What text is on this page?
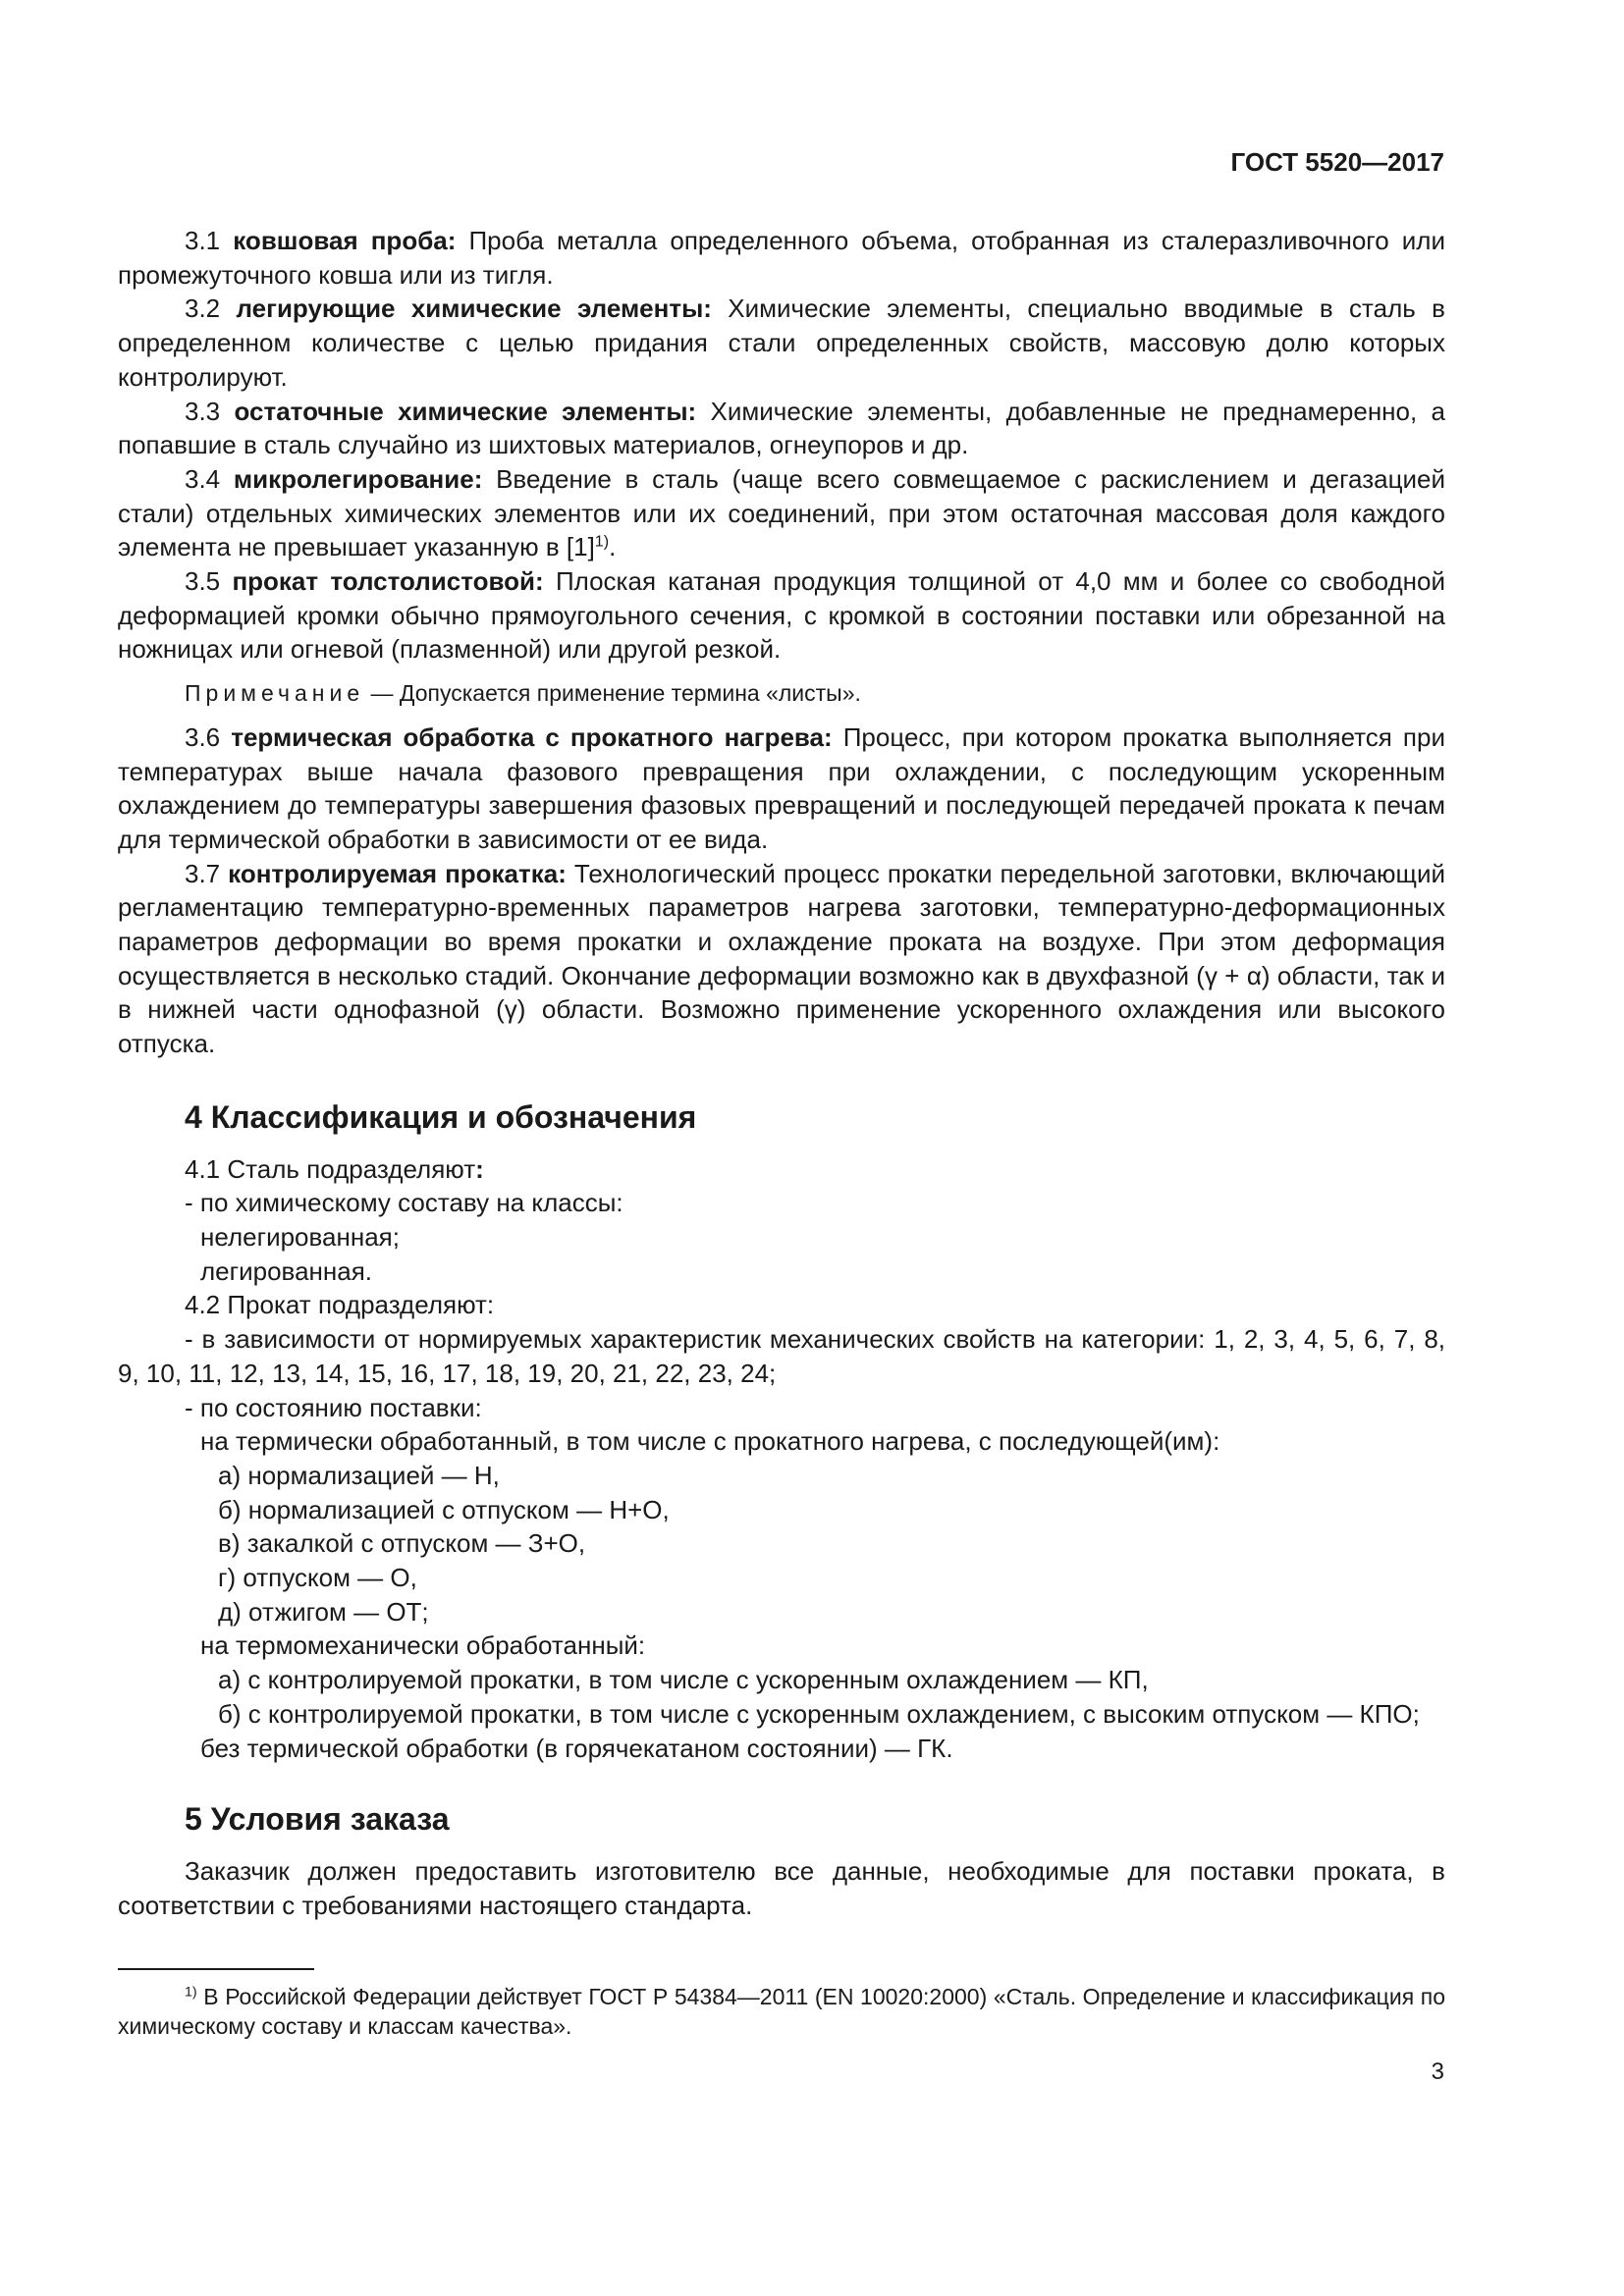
ГОСТ 5520—2017

3.1 ковшовая проба: Проба металла определенного объема, отобранная из сталеразливочного или промежуточного ковша или из тигля.

3.2 легирующие химические элементы: Химические элементы, специально вводимые в сталь в определенном количестве с целью придания стали определенных свойств, массовую долю которых контролируют.

3.3 остаточные химические элементы: Химические элементы, добавленные не преднамеренно, а попавшие в сталь случайно из шихтовых материалов, огнеупоров и др.

3.4 микролегирование: Введение в сталь (чаще всего совмещаемое с раскислением и дегазацией стали) отдельных химических элементов или их соединений, при этом остаточная массовая доля каждого элемента не превышает указанную в $[1]^{1)}$.

3.5 прокат толстолистовой: Плоская катаная продукция толщиной от 4,0 мм и более со свободной деформацией кромки обычно прямоугольного сечения, с кромкой в состоянии поставки или обрезанной на ножницах или огневой (плазменной) или другой резкой.

Примечание — Допускается применение термина «листы».

3.6 термическая обработка с прокатного нагрева: Процесс, при котором прокатка выполняется при температурах выше начала фазового превращения при охлаждении, с последующим ускоренным охлаждением до температуры завершения фазовых превращений и последующей передачей проката к печам для термической обработки в зависимости от ее вида.

3.7 контролируемая прокатка: Технологический процесс прокатки передельной заготовки, включающий регламентацию температурно-временных параметров нагрева заготовки, температурно-деформационных параметров деформации во время прокатки и охлаждение проката на воздухе. При этом деформация осуществляется в несколько стадий. Окончание деформации возможно как в двухфазной (γ + α) области, так и в нижней части однофазной (γ) области. Возможно применение ускоренного охлаждения или высокого отпуска.

4 Классификация и обозначения

4.1 Сталь подразделяют:

- по химическому составу на классы:

нелегированная;

легированная.

4.2 Прокат подразделяют:

- в зависимости от нормируемых характеристик механических свойств на категории: 1, 2, 3, 4, 5, 6, 7, 8, 9, 10, 11, 12, 13, 14, 15, 16, 17, 18, 19, 20, 21, 22, 23, 24;

- по состоянию поставки:

на термически обработанный, в том числе с прокатного нагрева, с последующей(им):

а) нормализацией — Н,

б) нормализацией с отпуском — Н+О,

в) закалкой с отпуском — З+О,

г) отпуском — О,

д) отжигом — ОТ;

на термомеханически обработанный:

а) с контролируемой прокатки, в том числе с ускоренным охлаждением — КП,

б) с контролируемой прокатки, в том числе с ускоренным охлаждением, с высоким отпуском — КПО;

без термической обработки (в горячекатаном состоянии) — ГК.

5 Условия заказа

Заказчик должен предоставить изготовителю все данные, необходимые для поставки проката, в соответствии с требованиями настоящего стандарта.

$^{1)}$ В Российской Федерации действует ГОСТ Р 54384—2011 (EN 10020:2000) «Сталь. Определение и классификация по химическому составу и классам качества».
3
